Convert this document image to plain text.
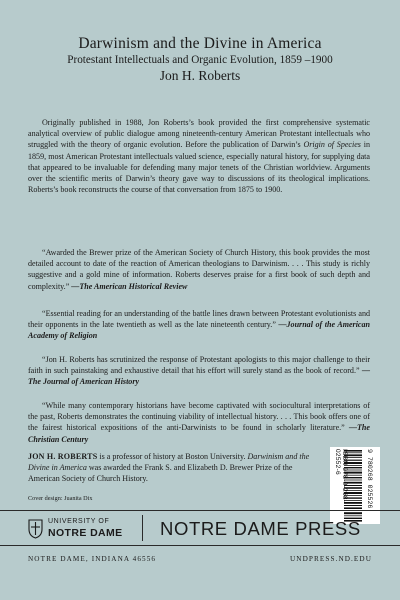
Darwinism and the Divine in America

Protestant Intellectuals and Organic Evolution, 1859 –1900

Jon H. Roberts

Originally published in 1988, Jon Roberts’s book provided the first comprehensive systematic analytical overview of public dialogue among nineteenth-century American Protestant intellectuals who struggled with the theory of organic evolution. Before the publication of Darwin’s Origin of Species in 1859, most American Protestant intellectuals valued science, especially natural history, for supplying data that appeared to be invaluable for defending many major tenets of the Christian worldview. Arguments over the scientific merits of Darwin’s theory gave way to discussions of its theological implications. Roberts’s book reconstructs the course of that conversation from 1875 to 1900.
“Awarded the Brewer prize of the American Society of Church History, this book provides the most detailed account to date of the reaction of American theologians to Darwinism. . . . This study is richly suggestive and a gold mine of information. Roberts deserves praise for a first book of such depth and complexity.” —The American Historical Review
“Essential reading for an understanding of the battle lines drawn between Protestant evolutionists and their opponents in the late twentieth as well as the late nineteenth century.” —Journal of the American Academy of Religion
“Jon H. Roberts has scrutinized the response of Protestant apologists to this major challenge to their faith in such painstaking and exhaustive detail that his effort will surely stand as the book of record.” —The Journal of American History
“While many contemporary historians have become captivated with sociocultural interpretations of the past, Roberts demonstrates the continuing viability of intellectual history. . . . This book offers one of the fairest historical expositions of the anti-Darwinists to be found in scholarly literature.” —The Christian Century
JON H. ROBERTS is a professor of history at Boston University. Darwinism and the Divine in America was awarded the Frank S. and Elizabeth D. Brewer Prize of the American Society of Church History.
Cover design: Juanita Dix	ISBN 978-0-268-02552-6	9 780268 025526
UNIVERSITY OF
NOTRE DAME NOTRE DAME PRESS
NOTRE DAME, INDIANA 46556	UNDPRESS.ND.EDU
